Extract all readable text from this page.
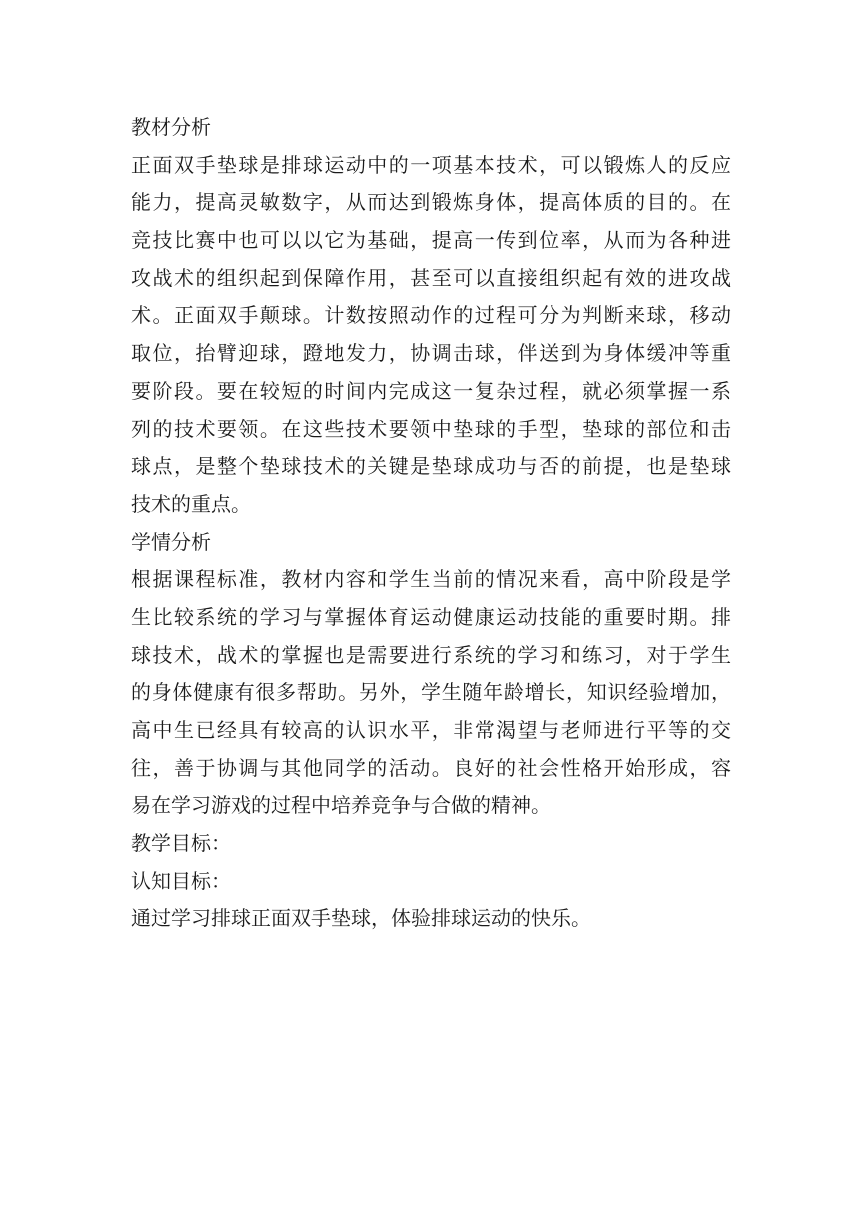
教材分析
正面双手垫球是排球运动中的一项基本技术，可以锻炼人的反应
能力，提高灵敏数字，从而达到锻炼身体，提高体质的目的。在
竞技比赛中也可以以它为基础，提高一传到位率，从而为各种进
攻战术的组织起到保障作用，甚至可以直接组织起有效的进攻战
术。正面双手颠球。计数按照动作的过程可分为判断来球，移动
取位，抬臂迎球，蹬地发力，协调击球，伴送到为身体缓冲等重
要阶段。要在较短的时间内完成这一复杂过程，就必须掌握一系
列的技术要领。在这些技术要领中垫球的手型，垫球的部位和击
球点，是整个垫球技术的关键是垫球成功与否的前提，也是垫球
技术的重点。
学情分析
根据课程标准，教材内容和学生当前的情况来看，高中阶段是学
生比较系统的学习与掌握体育运动健康运动技能的重要时期。排
球技术，战术的掌握也是需要进行系统的学习和练习，对于学生
的身体健康有很多帮助。另外，学生随年龄增长，知识经验增加，
高中生已经具有较高的认识水平，非常渴望与老师进行平等的交
往，善于协调与其他同学的活动。良好的社会性格开始形成，容
易在学习游戏的过程中培养竞争与合做的精神。
教学目标：
认知目标：
通过学习排球正面双手垫球，体验排球运动的快乐。
